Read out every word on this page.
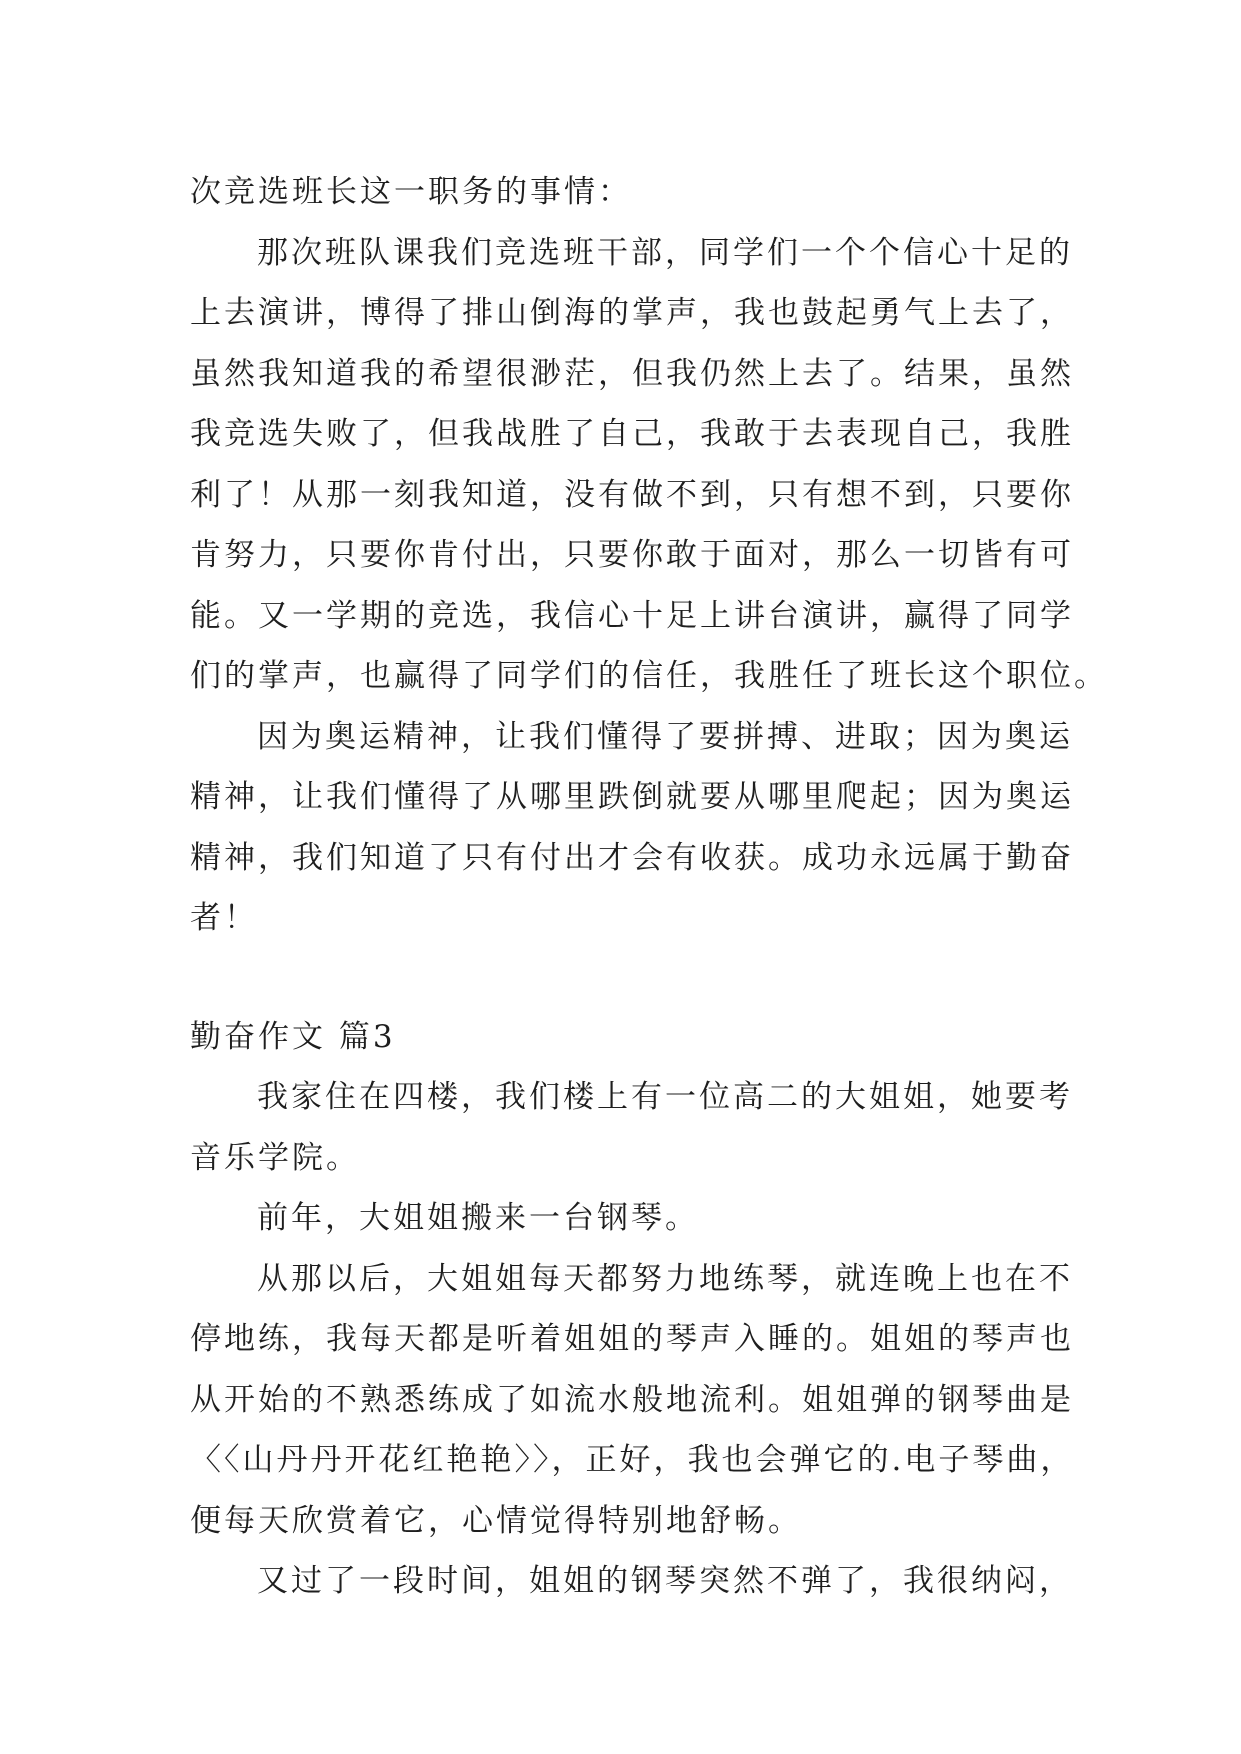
次竞选班长这一职务的事情：
那次班队课我们竞选班干部，同学们一个个信心十足的
上去演讲，博得了排山倒海的掌声，我也鼓起勇气上去了，
虽然我知道我的希望很渺茫，但我仍然上去了。结果，虽然
我竞选失败了，但我战胜了自己，我敢于去表现自己，我胜
利了！从那一刻我知道，没有做不到，只有想不到，只要你
肯努力，只要你肯付出，只要你敢于面对，那么一切皆有可
能。又一学期的竞选，我信心十足上讲台演讲，赢得了同学
们的掌声，也赢得了同学们的信任，我胜任了班长这个职位。
因为奥运精神，让我们懂得了要拼搏、进取；因为奥运
精神，让我们懂得了从哪里跌倒就要从哪里爬起；因为奥运
精神，我们知道了只有付出才会有收获。成功永远属于勤奋
者！
勤奋作文 篇3
我家住在四楼，我们楼上有一位高二的大姐姐，她要考
音乐学院。
前年，大姐姐搬来一台钢琴。
从那以后，大姐姐每天都努力地练琴，就连晚上也在不
停地练，我每天都是听着姐姐的琴声入睡的。姐姐的琴声也
从开始的不熟悉练成了如流水般地流利。姐姐弹的钢琴曲是
〈〈山丹丹开花红艳艳〉〉，正好，我也会弹它的.电子琴曲，
便每天欣赏着它，心情觉得特别地舒畅。
又过了一段时间，姐姐的钢琴突然不弹了，我很纳闷，
